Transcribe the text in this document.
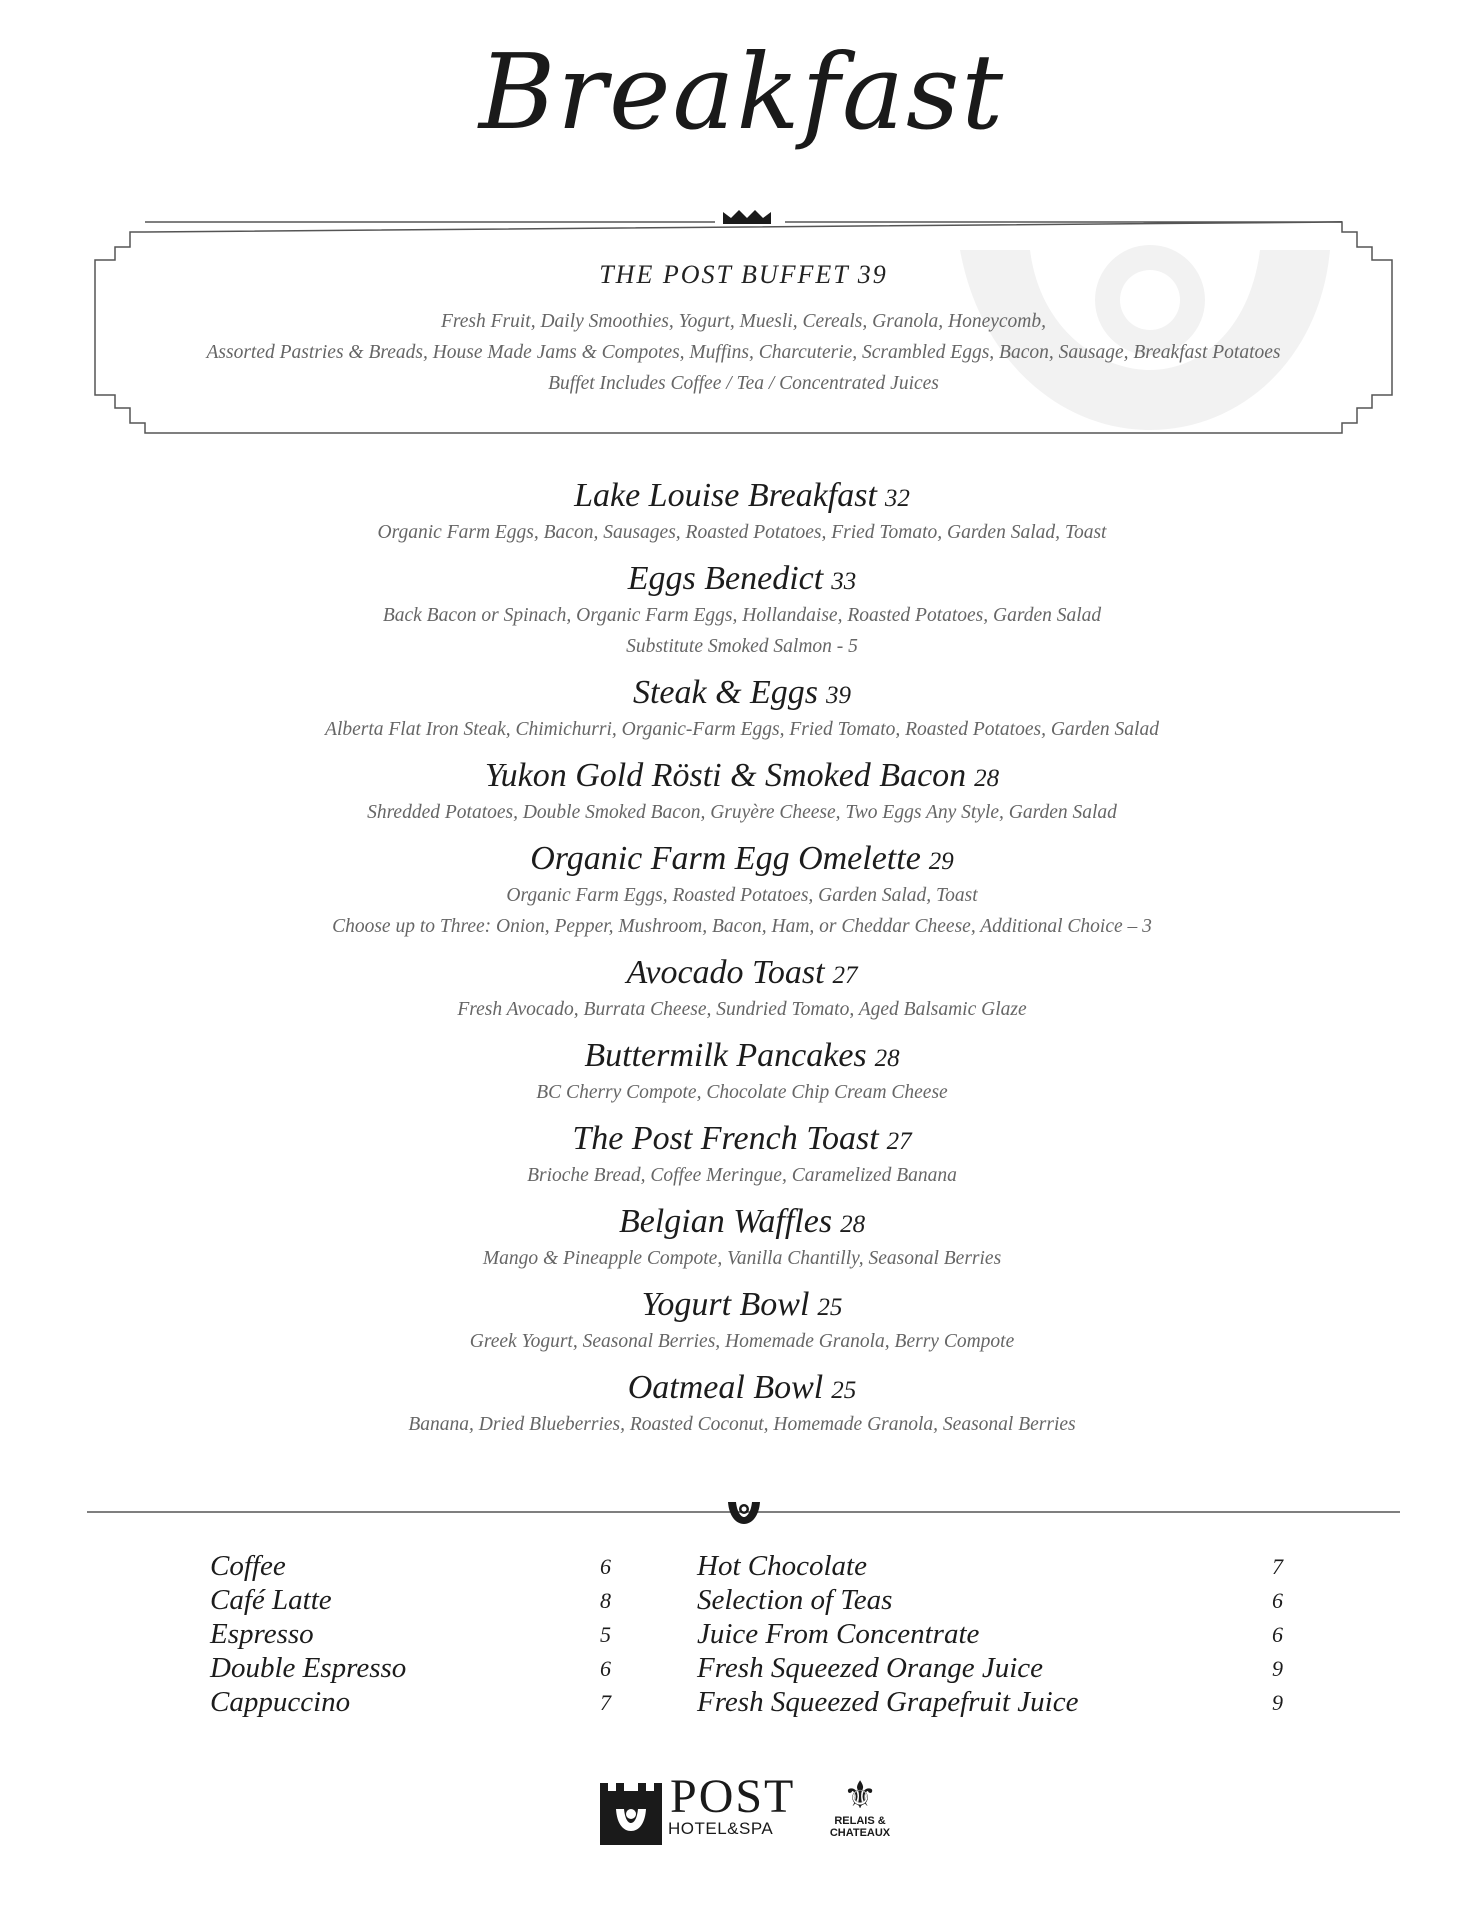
Breakfast

THE POST BUFFET 39

Fresh Fruit, Daily Smoothies, Yogurt, Muesli, Cereals, Granola, Honeycomb,

Assorted Pastries & Breads, House Made Jams & Compotes, Muffins, Charcuterie, Scrambled Eggs, Bacon, Sausage, Breakfast Potatoes

Buffet Includes Coffee / Tea / Concentrated Juices

Lake Louise Breakfast 32

Organic Farm Eggs, Bacon, Sausages, Roasted Potatoes, Fried Tomato, Garden Salad, Toast

Eggs Benedict 33

Back Bacon or Spinach, Organic Farm Eggs, Hollandaise, Roasted Potatoes, Garden Salad

Substitute Smoked Salmon - 5

Steak & Eggs 39

Alberta Flat Iron Steak, Chimichurri, Organic-Farm Eggs, Fried Tomato, Roasted Potatoes, Garden Salad

Yukon Gold Rösti & Smoked Bacon 28

Shredded Potatoes, Double Smoked Bacon, Gruyère Cheese, Two Eggs Any Style, Garden Salad

Organic Farm Egg Omelette 29

Organic Farm Eggs, Roasted Potatoes, Garden Salad, Toast

Choose up to Three: Onion, Pepper, Mushroom, Bacon, Ham, or Cheddar Cheese, Additional Choice – 3

Avocado Toast 27

Fresh Avocado, Burrata Cheese, Sundried Tomato, Aged Balsamic Glaze

Buttermilk Pancakes 28

BC Cherry Compote, Chocolate Chip Cream Cheese

The Post French Toast 27

Brioche Bread, Coffee Meringue, Caramelized Banana

Belgian Waffles 28

Mango & Pineapple Compote, Vanilla Chantilly, Seasonal Berries

Yogurt Bowl 25

Greek Yogurt, Seasonal Berries, Homemade Granola, Berry Compote

Oatmeal Bowl 25

Banana, Dried Blueberries, Roasted Coconut, Homemade Granola, Seasonal Berries

Coffee	6
Café Latte	8
Espresso	5
Double Espresso	6
Cappuccino	7
Hot Chocolate	7
Selection of Teas	6
Juice From Concentrate	6
Fresh Squeezed Orange Juice	9
Fresh Squeezed Grapefruit Juice	9
POST
HOTEL&SPA
⚜
RELAIS &
CHATEAUX
